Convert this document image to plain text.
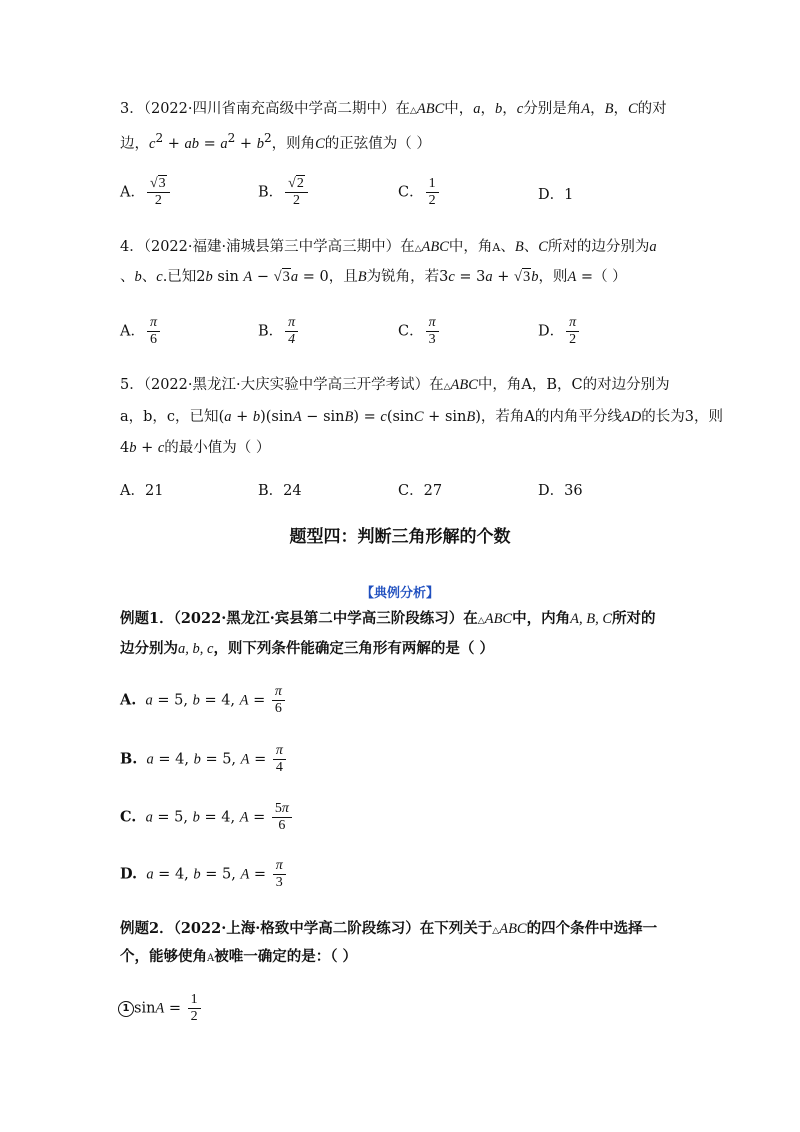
3．（2022·四川省南充高级中学高二期中）在△ABC中，a，b，c分别是角A，B，C的对
边，$c^2$ + ab = $a^2 + b^2$，则角C的正弦值为（ ）
A． $\frac{√3}{2}$	B． $\frac{√2}{2}$	C． $\frac{1}{2}$	D．1
4．（2022·福建·浦城县第三中学高三期中）在△ABC中，角A、B、C所对的边分别为a
、b、c.已知2b sin A − √3a = 0，且B为锐角，若3c = 3a + √3b，则A =（ ）
A． $\frac{\pi}{6}$	B． $\frac{\pi}{4}$	C． $\frac{\pi}{3}$	D． $\frac{\pi}{2}$
5．（2022·黑龙江·大庆实验中学高三开学考试）在△ABC中，角A，B，C的对边分别为
a，b，c，已知(a + b)(sinA − sinB) = c(sinC + sinB)，若角A的内角平分线AD的长为3，则
4b + c的最小值为（ ）
A．21	B．24	C．27	D．36
题型四：判断三角形解的个数
【典例分析】
例题1．（2022·黑龙江·宾县第二中学高三阶段练习）在△ABC中，内角A, B, C所对的
边分别为a, b, c，则下列条件能确定三角形有两解的是（ ）
A. a = 5, b = 4, $A = \frac{\pi}{6}$
B. a = 4, b = 5, $A = \frac{\pi}{4}$
C. a = 5, b = 4, $A = \frac{5\pi}{6}$
D. a = 4, b = 5, $A = \frac{\pi}{3}$
例题2．（2022·上海·格致中学高二阶段练习）在下列关于△ABC的四个条件中选择一
个，能够使角A被唯一确定的是：（ ）
1 $\sin A = \frac{1}{2}$
